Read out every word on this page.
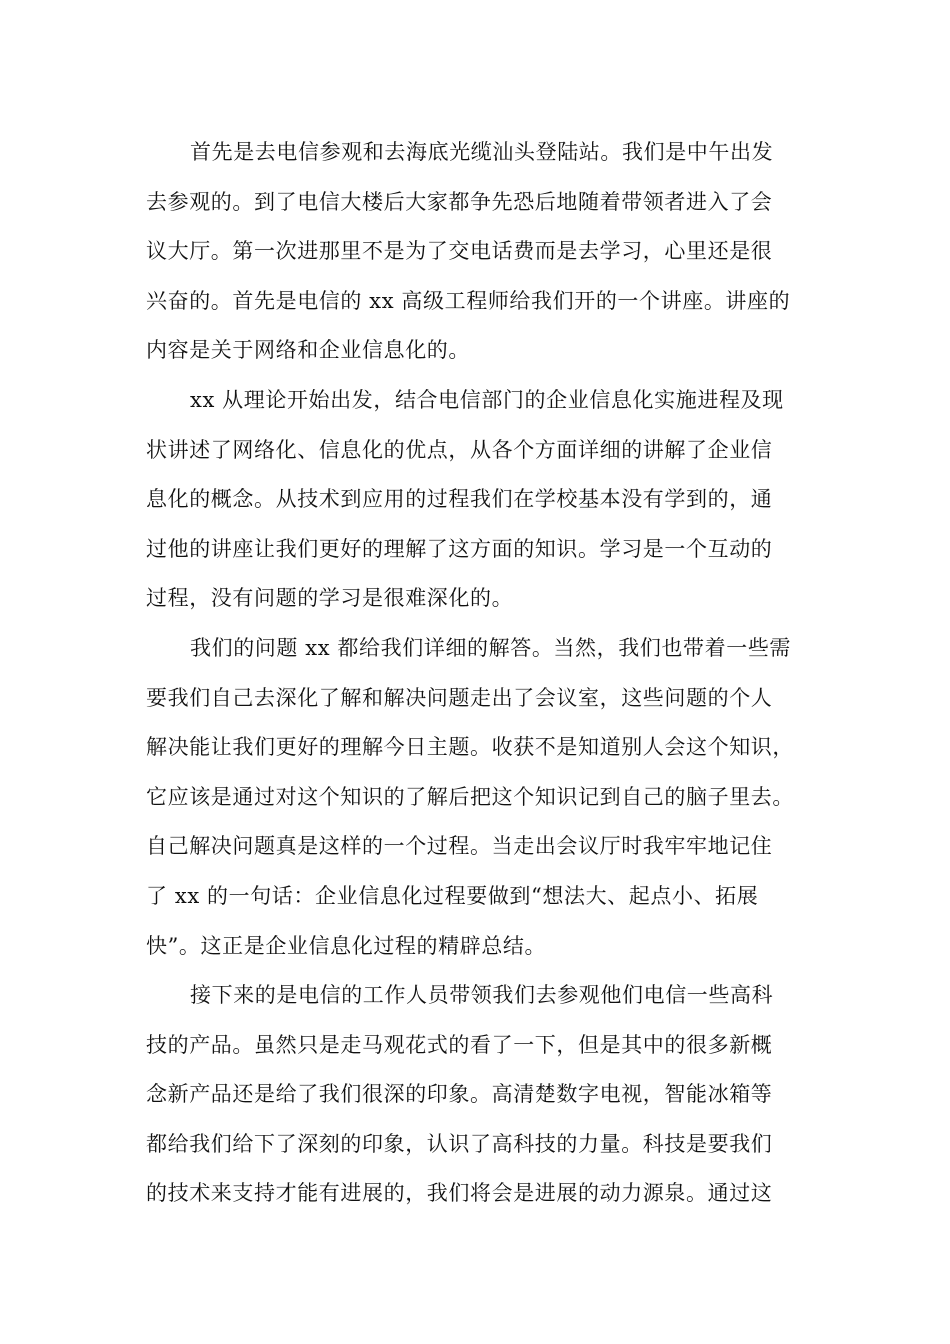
首先是去电信参观和去海底光缆汕头登陆站。我们是中午出发
去参观的。到了电信大楼后大家都争先恐后地随着带领者进入了会
议大厅。第一次进那里不是为了交电话费而是去学习，心里还是很
兴奋的。首先是电信的 xx 高级工程师给我们开的一个讲座。讲座的
内容是关于网络和企业信息化的。
xx 从理论开始出发，结合电信部门的企业信息化实施进程及现
状讲述了网络化、信息化的优点，从各个方面详细的讲解了企业信
息化的概念。从技术到应用的过程我们在学校基本没有学到的，通
过他的讲座让我们更好的理解了这方面的知识。学习是一个互动的
过程，没有问题的学习是很难深化的。
我们的问题 xx 都给我们详细的解答。当然，我们也带着一些需
要我们自己去深化了解和解决问题走出了会议室，这些问题的个人
解决能让我们更好的理解今日主题。收获不是知道别人会这个知识，
它应该是通过对这个知识的了解后把这个知识记到自己的脑子里去。
自己解决问题真是这样的一个过程。当走出会议厅时我牢牢地记住
了 xx 的一句话：企业信息化过程要做到“想法大、起点小、拓展
快”。这正是企业信息化过程的精辟总结。
接下来的是电信的工作人员带领我们去参观他们电信一些高科
技的产品。虽然只是走马观花式的看了一下，但是其中的很多新概
念新产品还是给了我们很深的印象。高清楚数字电视，智能冰箱等
都给我们给下了深刻的印象，认识了高科技的力量。科技是要我们
的技术来支持才能有进展的，我们将会是进展的动力源泉。通过这
